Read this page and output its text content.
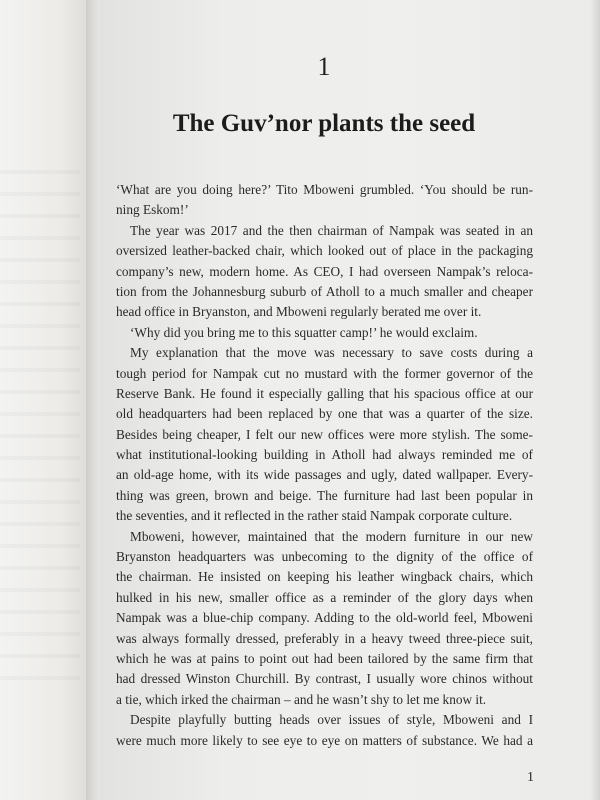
1
The Guv’nor plants the seed
‘What are you doing here?’ Tito Mboweni grumbled. ‘You should be run-
ning Eskom!’
The year was 2017 and the then chairman of Nampak was seated in an
oversized leather-backed chair, which looked out of place in the packaging
company’s new, modern home. As CEO, I had overseen Nampak’s reloca-
tion from the Johannesburg suburb of Atholl to a much smaller and cheaper
head office in Bryanston, and Mboweni regularly berated me over it.
‘Why did you bring me to this squatter camp!’ he would exclaim.
My explanation that the move was necessary to save costs during a
tough period for Nampak cut no mustard with the former governor of the
Reserve Bank. He found it especially galling that his spacious office at our
old headquarters had been replaced by one that was a quarter of the size.
Besides being cheaper, I felt our new offices were more stylish. The some-
what institutional-looking building in Atholl had always reminded me of
an old-age home, with its wide passages and ugly, dated wallpaper. Every-
thing was green, brown and beige. The furniture had last been popular in
the seventies, and it reflected in the rather staid Nampak corporate culture.
Mboweni, however, maintained that the modern furniture in our new
Bryanston headquarters was unbecoming to the dignity of the office of
the chairman. He insisted on keeping his leather wingback chairs, which
hulked in his new, smaller office as a reminder of the glory days when
Nampak was a blue-chip company. Adding to the old-world feel, Mboweni
was always formally dressed, preferably in a heavy tweed three-piece suit,
which he was at pains to point out had been tailored by the same firm that
had dressed Winston Churchill. By contrast, I usually wore chinos without
a tie, which irked the chairman – and he wasn’t shy to let me know it.
Despite playfully butting heads over issues of style, Mboweni and I
were much more likely to see eye to eye on matters of substance. We had a
1
